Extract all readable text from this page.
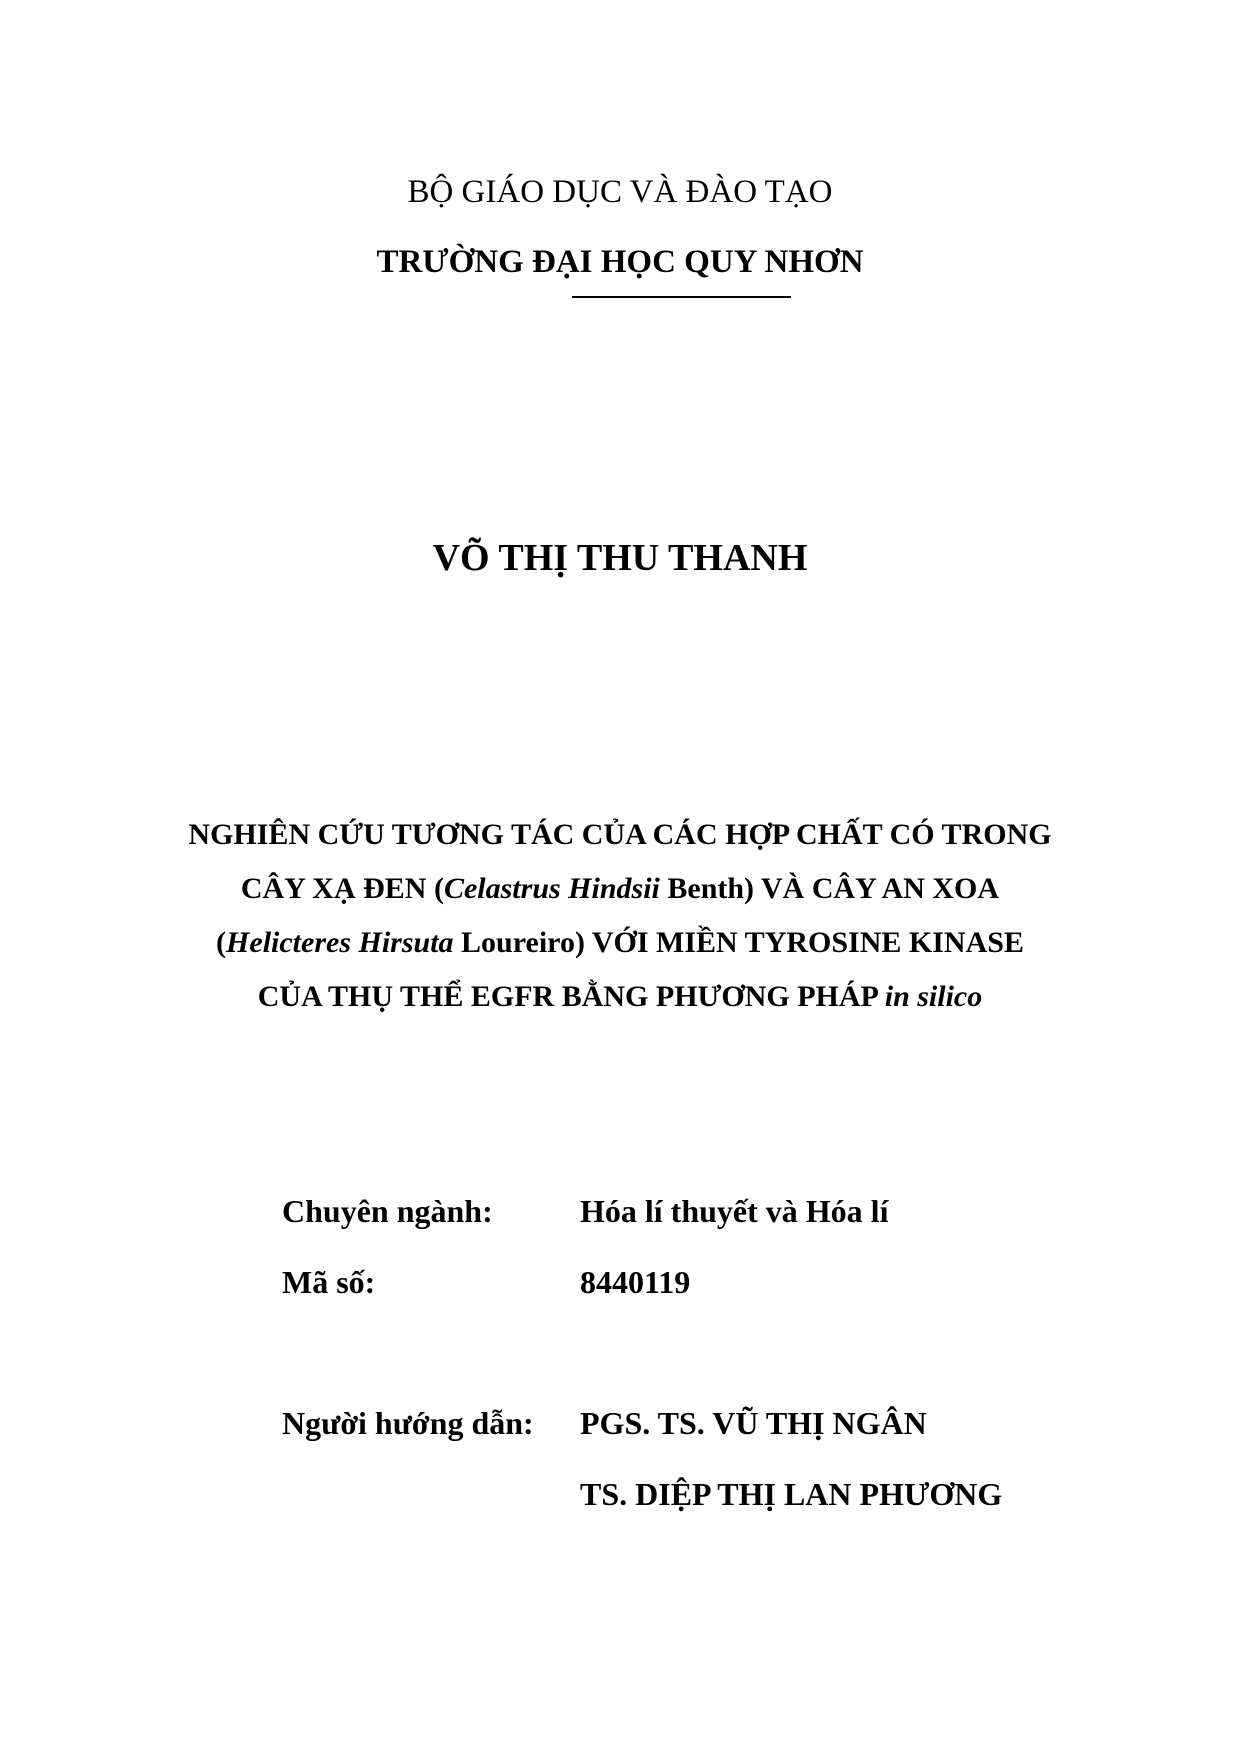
BỘ GIÁO DỤC VÀ ĐÀO TẠO
TRƯỜNG ĐẠI HỌC QUY NHƠN
VÕ THỊ THU THANH
NGHIÊN CỨU TƯƠNG TÁC CỦA CÁC HỢP CHẤT CÓ TRONG
CÂY XẠ ĐEN (Celastrus Hindsii Benth) VÀ CÂY AN XOA
(Helicteres Hirsuta Loureiro) VỚI MIỀN TYROSINE KINASE
CỦA THỤ THỂ EGFR BẰNG PHƯƠNG PHÁP in silico
Chuyên ngành:	Hóa lí thuyết và Hóa lí
Mã số:	8440119
Người hướng dẫn: PGS. TS. VŨ THỊ NGÂN
TS. DIỆP THỊ LAN PHƯƠNG
